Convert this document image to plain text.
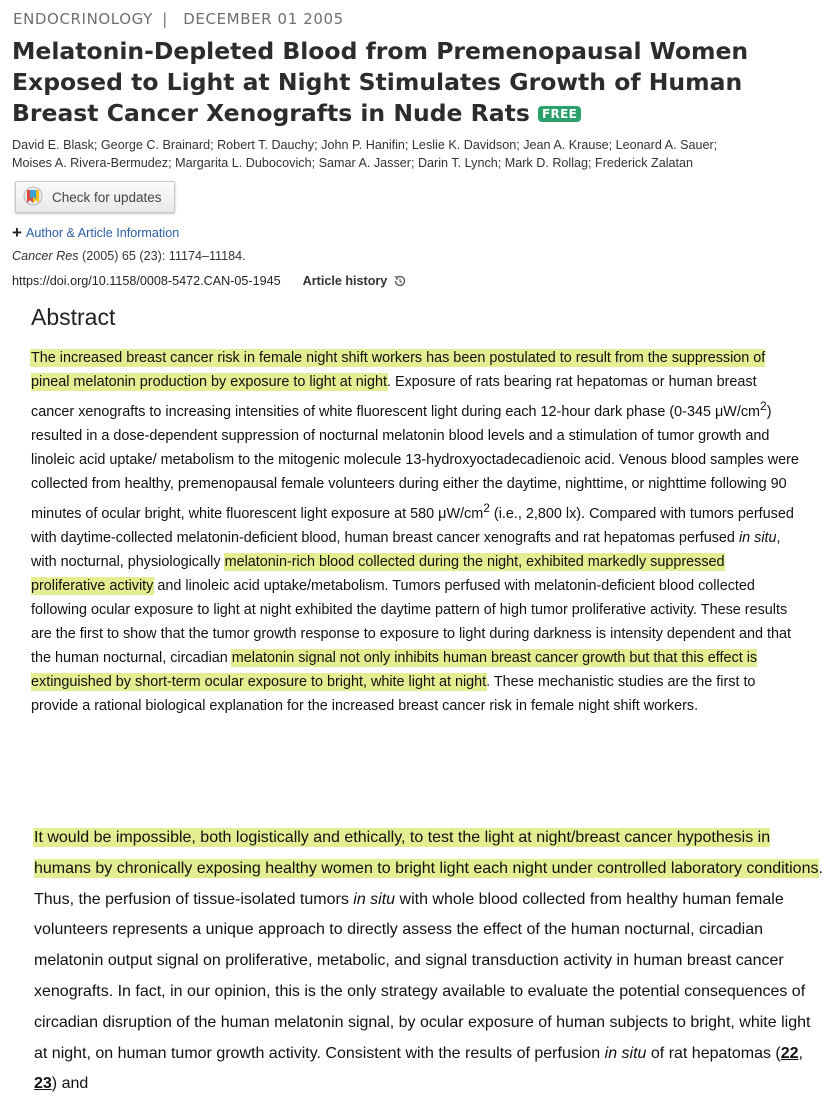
ENDOCRINOLOGY | DECEMBER 01 2005
Melatonin-Depleted Blood from Premenopausal Women Exposed to Light at Night Stimulates Growth of Human Breast Cancer Xenografts in Nude Rats FREE
David E. Blask; George C. Brainard; Robert T. Dauchy; John P. Hanifin; Leslie K. Davidson; Jean A. Krause; Leonard A. Sauer;
Moises A. Rivera-Bermudez; Margarita L. Dubocovich; Samar A. Jasser; Darin T. Lynch; Mark D. Rollag; Frederick Zalatan
Check for updates
+ Author & Article Information
Cancer Res (2005) 65 (23): 11174–11184.
https://doi.org/10.1158/0008-5472.CAN-05-1945 Article history
Abstract

The increased breast cancer risk in female night shift workers has been postulated to result from the suppression of pineal melatonin production by exposure to light at night. Exposure of rats bearing rat hepatomas or human breast cancer xenografts to increasing intensities of white fluorescent light during each 12-hour dark phase (0-345 $\mu W/cm^2$) resulted in a dose-dependent suppression of nocturnal melatonin blood levels and a stimulation of tumor growth and linoleic acid uptake/ metabolism to the mitogenic molecule 13-hydroxyoctadecadienoic acid. Venous blood samples were collected from healthy, premenopausal female volunteers during either the daytime, nighttime, or nighttime following 90 minutes of ocular bright, white fluorescent light exposure at 580 $\mu W/cm^2$ (i.e., 2,800 lx). Compared with tumors perfused with daytime-collected melatonin-deficient blood, human breast cancer xenografts and rat hepatomas perfused in situ, with nocturnal, physiologically melatonin-rich blood collected during the night, exhibited markedly suppressed proliferative activity and linoleic acid uptake/metabolism. Tumors perfused with melatonin-deficient blood collected following ocular exposure to light at night exhibited the daytime pattern of high tumor proliferative activity. These results are the first to show that the tumor growth response to exposure to light during darkness is intensity dependent and that the human nocturnal, circadian melatonin signal not only inhibits human breast cancer growth but that this effect is extinguished by short-term ocular exposure to bright, white light at night. These mechanistic studies are the first to provide a rational biological explanation for the increased breast cancer risk in female night shift workers.

It would be impossible, both logistically and ethically, to test the light at night/breast cancer hypothesis in humans by chronically exposing healthy women to bright light each night under controlled laboratory conditions. Thus, the perfusion of tissue-isolated tumors in situ with whole blood collected from healthy human female volunteers represents a unique approach to directly assess the effect of the human nocturnal, circadian melatonin output signal on proliferative, metabolic, and signal transduction activity in human breast cancer xenografts. In fact, in our opinion, this is the only strategy available to evaluate the potential consequences of circadian disruption of the human melatonin signal, by ocular exposure of human subjects to bright, white light at night, on human tumor growth activity. Consistent with the results of perfusion in situ of rat hepatomas (22, 23) and
